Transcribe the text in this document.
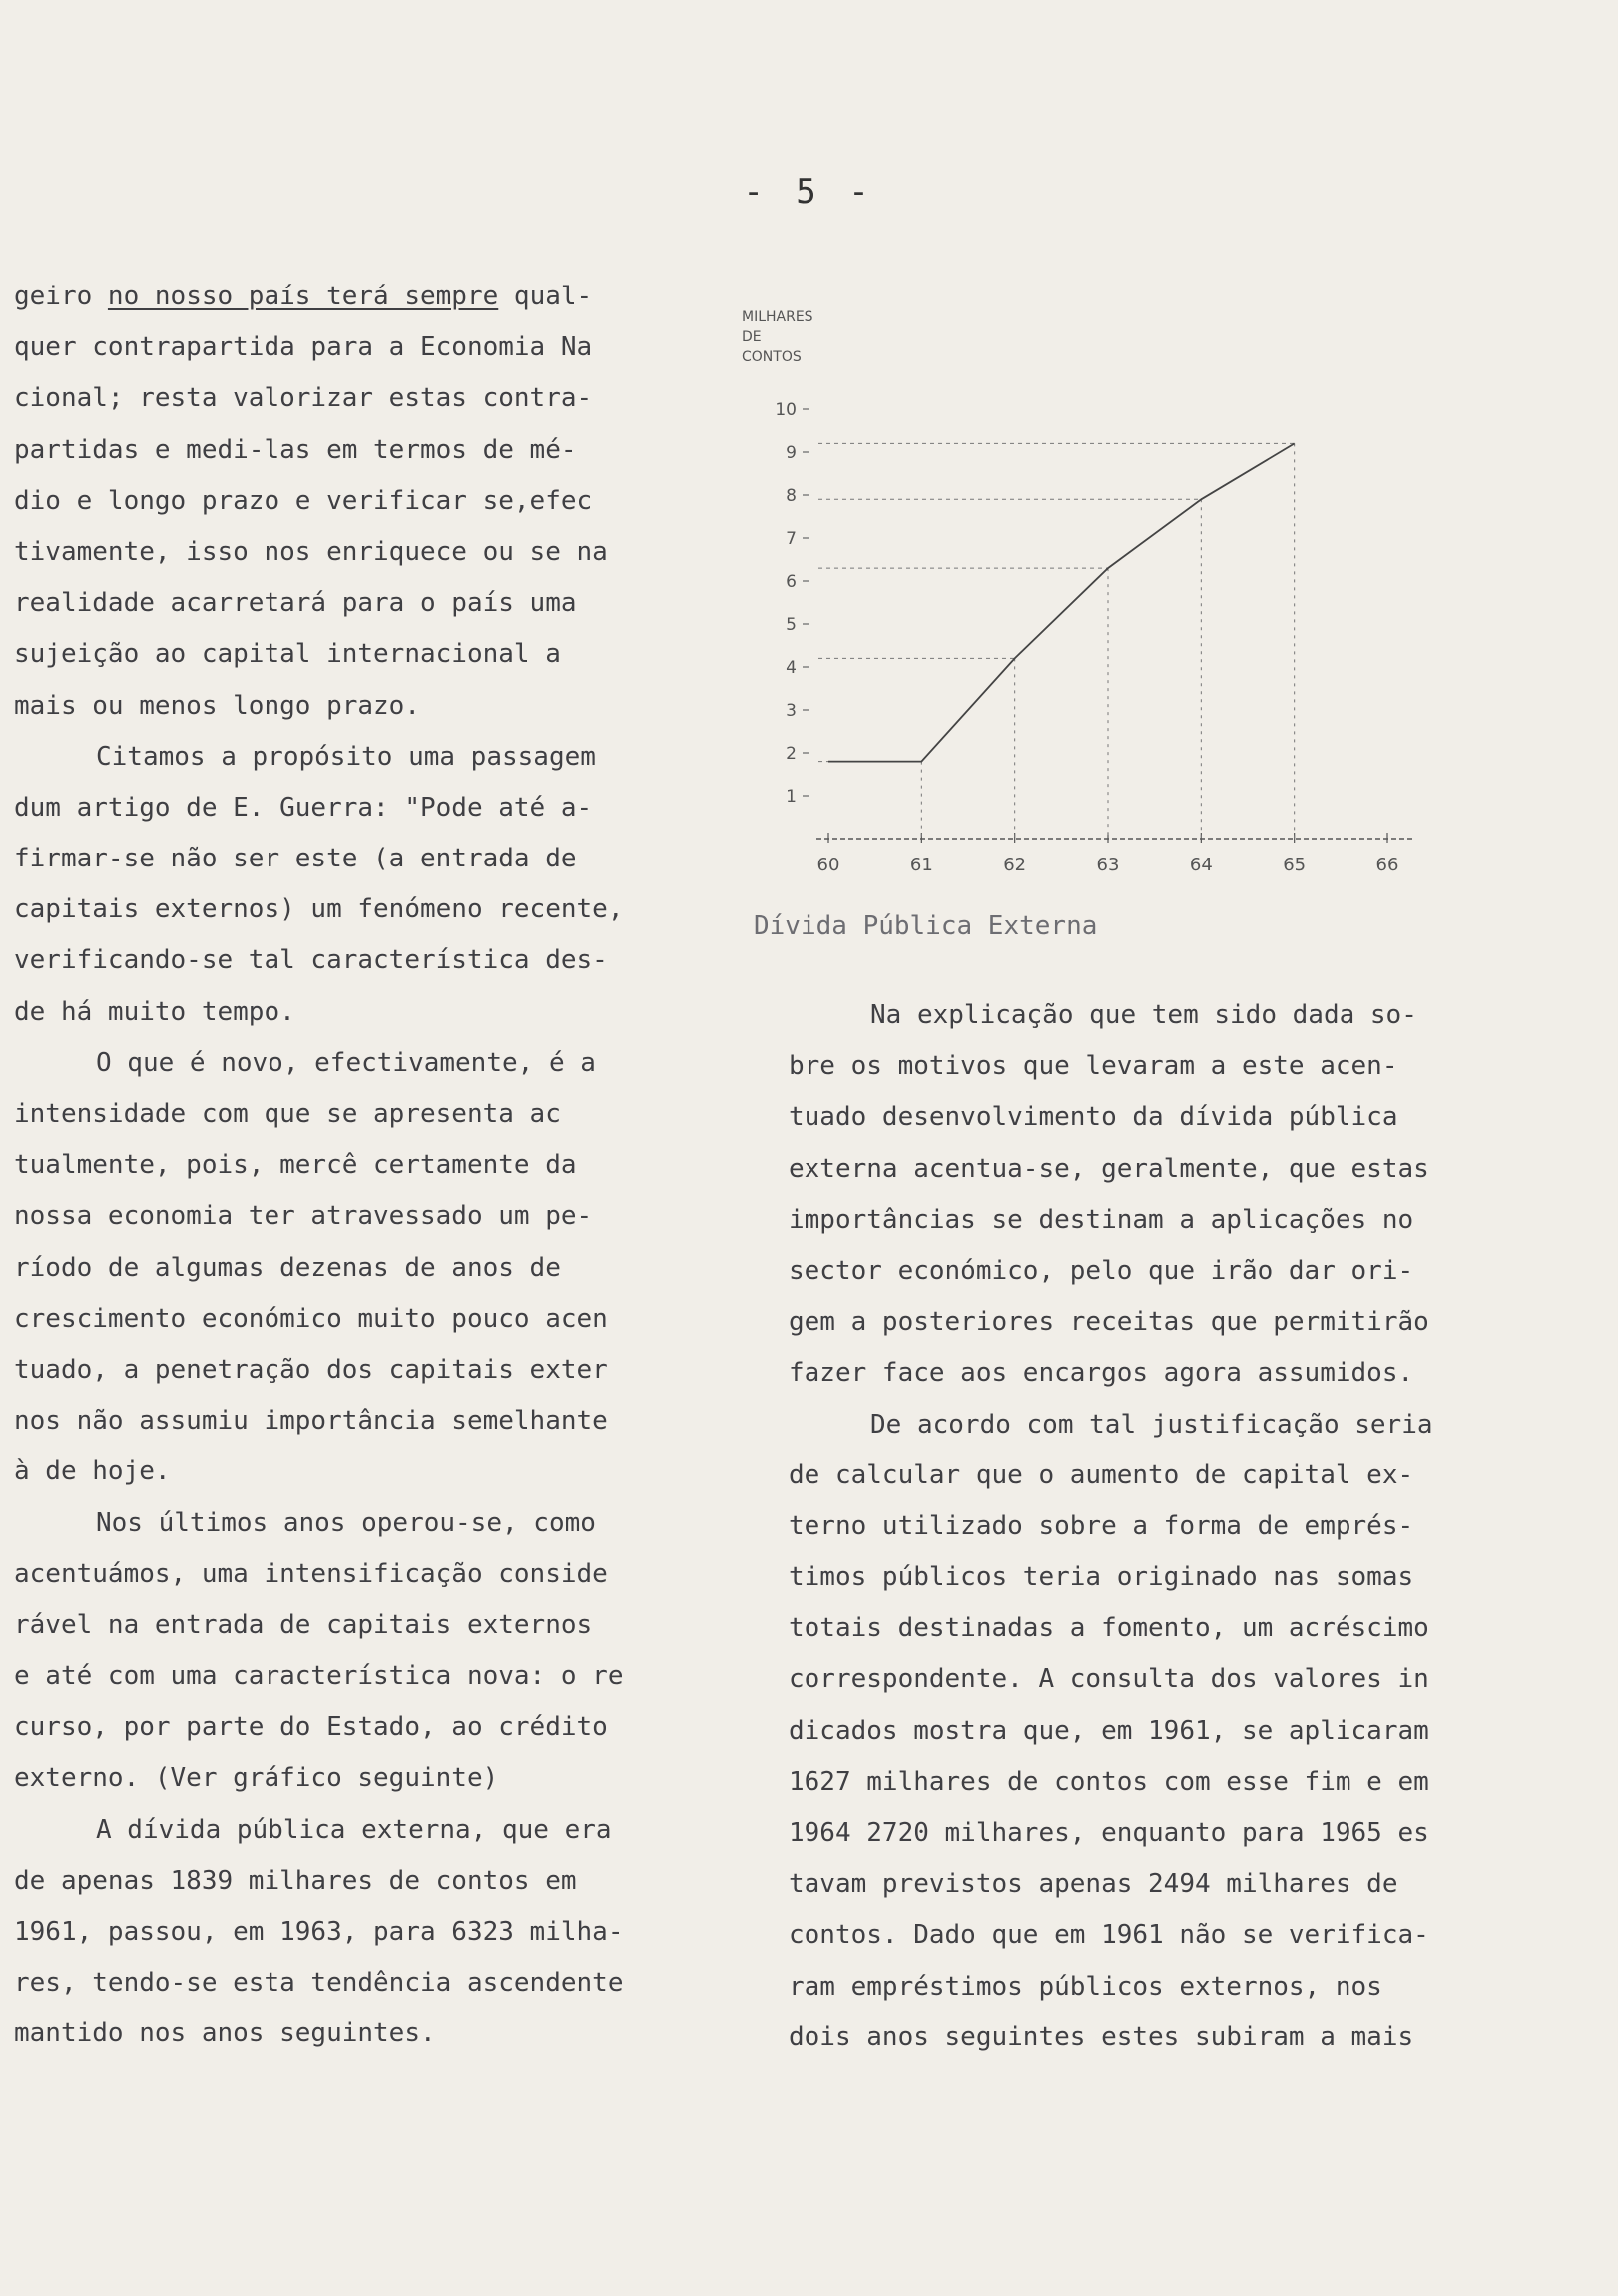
- 5 -
geiro no nosso país terá sempre qual-
quer contrapartida para a Economia Na
cional; resta valorizar estas contra-
partidas e medi-las em termos de mé-
dio e longo prazo e verificar se,efec
tivamente, isso nos enriquece ou se na
realidade acarretará para o país uma
sujeição ao capital internacional a
mais ou menos longo prazo.
Citamos a propósito uma passagem
dum artigo de E. Guerra: "Pode até a-
firmar-se não ser este (a entrada de
capitais externos) um fenómeno recente,
verificando-se tal característica des-
de há muito tempo.
O que é novo, efectivamente, é a
intensidade com que se apresenta ac
tualmente, pois, mercê certamente da
nossa economia ter atravessado um pe-
ríodo de algumas dezenas de anos de
crescimento económico muito pouco acen
tuado, a penetração dos capitais exter
nos não assumiu importância semelhante
à de hoje.
Nos últimos anos operou-se, como
acentuámos, uma intensificação conside
rável na entrada de capitais externos
e até com uma característica nova: o re
curso, por parte do Estado, ao crédito
externo. (Ver gráfico seguinte)
A dívida pública externa, que era
de apenas 1839 milhares de contos em
1961, passou, em 1963, para 6323 milha-
res, tendo-se esta tendência ascendente
mantido nos anos seguintes.
MILHARES
DE
CONTOS
1
2
3
4
5
6
7
8
9
10
60	61	62	63	64	65	66
Dívida Pública Externa
Na explicação que tem sido dada so-
bre os motivos que levaram a este acen-
tuado desenvolvimento da dívida pública
externa acentua-se, geralmente, que estas
importâncias se destinam a aplicações no
sector económico, pelo que irão dar ori-
gem a posteriores receitas que permitirão
fazer face aos encargos agora assumidos.
De acordo com tal justificação seria
de calcular que o aumento de capital ex-
terno utilizado sobre a forma de emprés-
timos públicos teria originado nas somas
totais destinadas a fomento, um acréscimo
correspondente. A consulta dos valores in
dicados mostra que, em 1961, se aplicaram
1627 milhares de contos com esse fim e em
1964 2720 milhares, enquanto para 1965 es
tavam previstos apenas 2494 milhares de
contos. Dado que em 1961 não se verifica-
ram empréstimos públicos externos, nos
dois anos seguintes estes subiram a mais
